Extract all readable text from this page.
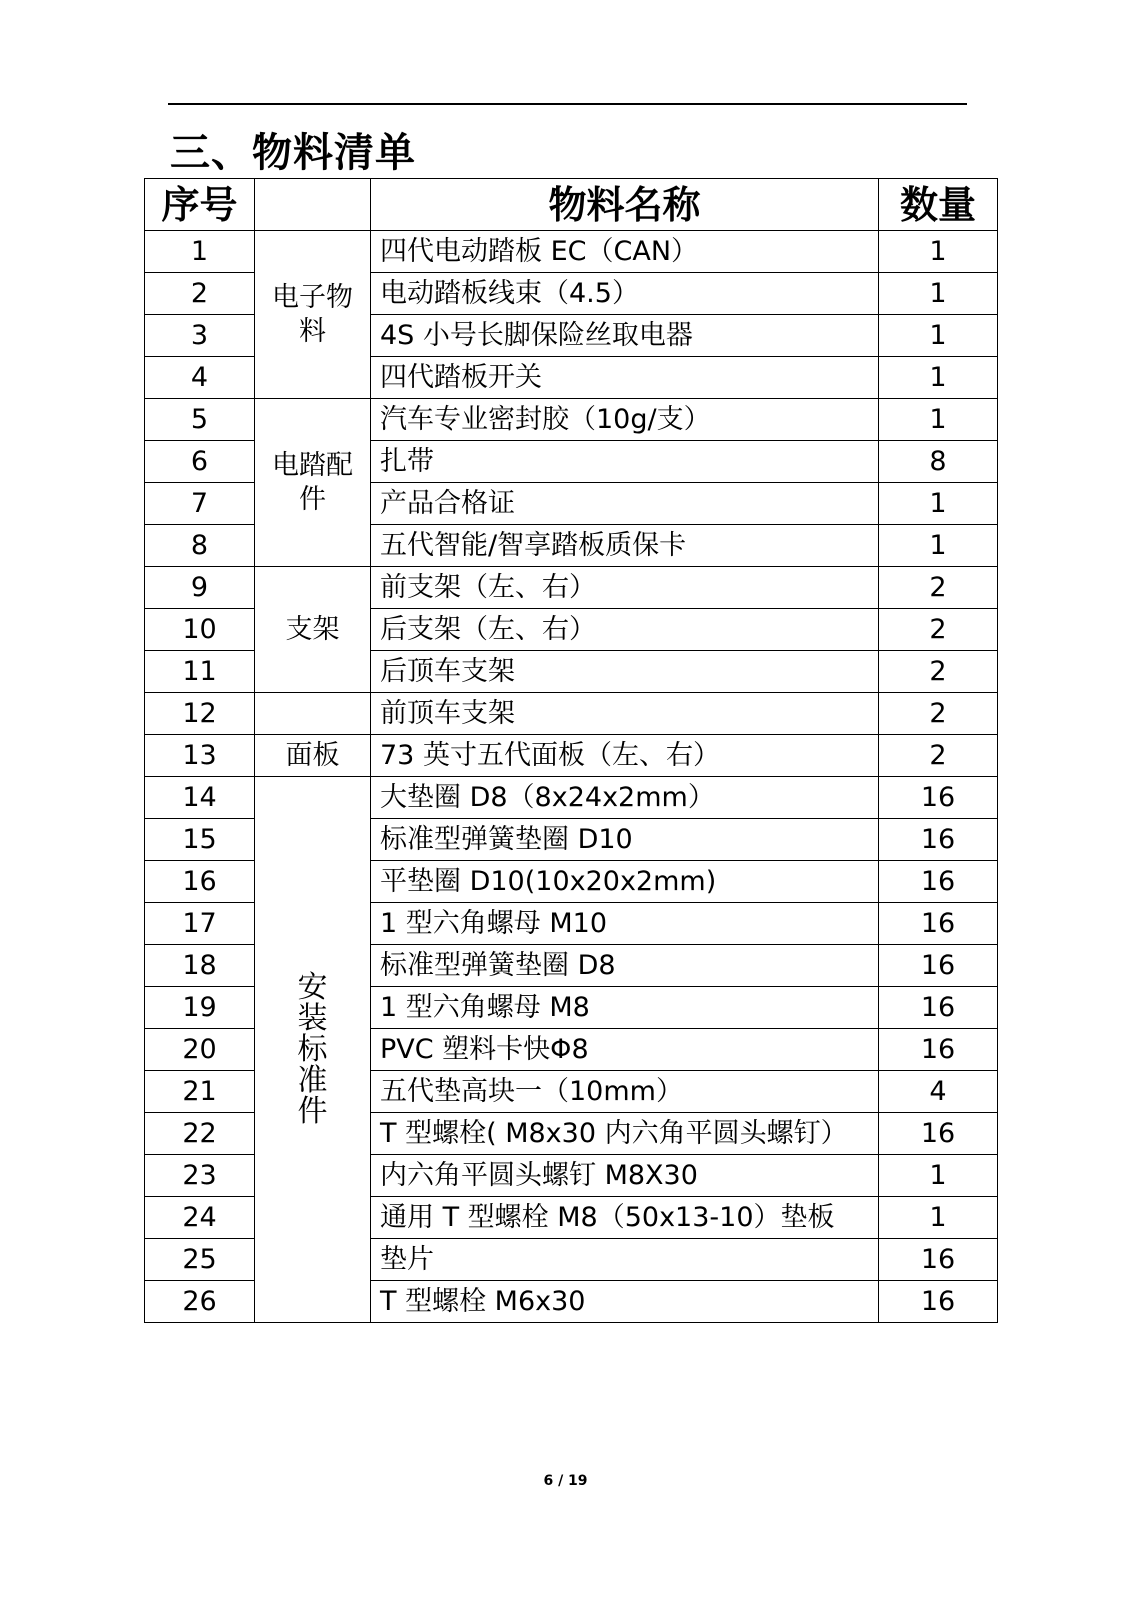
三、物料清单
序号		物料名称	数量
1	电子物料	四代电动踏板 EC（CAN）	1
2		电动踏板线束（4.5）	1
3		4S 小号长脚保险丝取电器	1
4		四代踏板开关	1
5	电踏配件	汽车专业密封胶（10g/支）	1
6		扎带	8
7		产品合格证	1
8		五代智能/智享踏板质保卡	1
9	支架	前支架（左、右）	2
10		后支架（左、右）	2
11		后顶车支架	2
12		前顶车支架	2
13	面板	73 英寸五代面板（左、右）	2
14	安装标准件	大垫圈 D8（8x24x2mm）	16
15		标准型弹簧垫圈 D10	16
16		平垫圈 D10(10x20x2mm)	16
17		1 型六角螺母 M10	16
18		标准型弹簧垫圈 D8	16
19		1 型六角螺母 M8	16
20		PVC 塑料卡快Φ8	16
21		五代垫高块一（10mm）	4
22		T 型螺栓( M8x30 内六角平圆头螺钉）	16
23		内六角平圆头螺钉 M8X30	1
24		通用 T 型螺栓 M8（50x13-10）垫板	1
25		垫片	16
26		T 型螺栓 M6x30	16
6 / 19
